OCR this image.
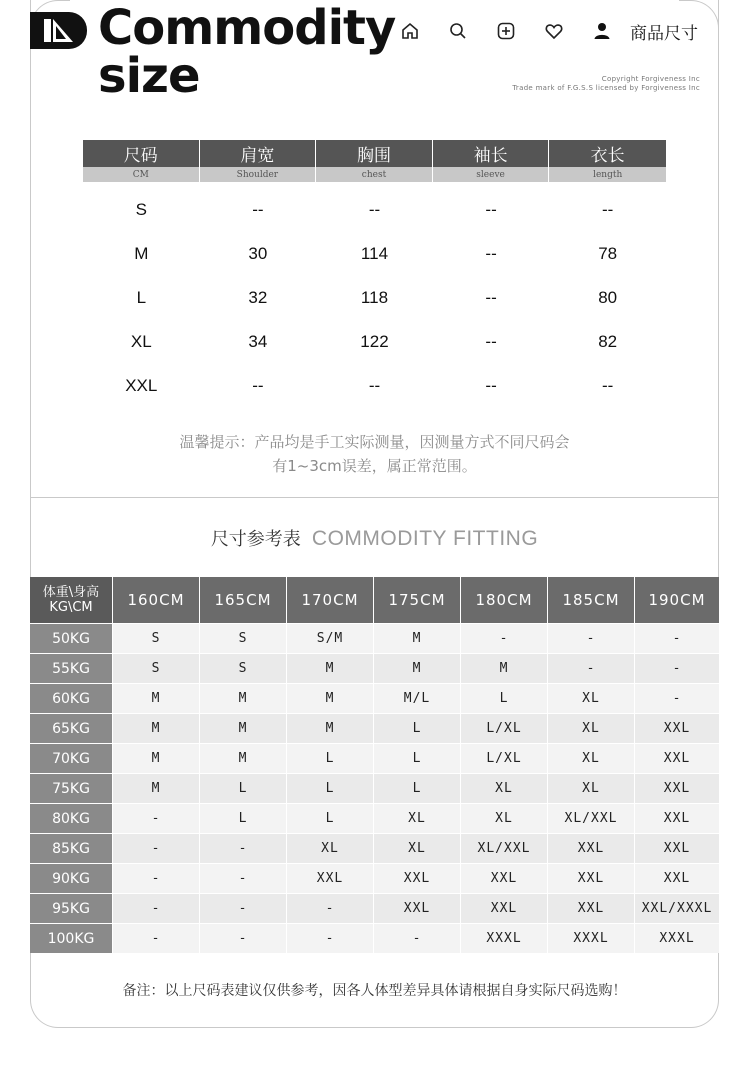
Commodity
size
商品尺寸
Copyright Forgiveness Inc
Trade mark of F.G.S.S licensed by Forgiveness Inc
尺码	肩宽	胸围	袖长	衣长
CM	Shoulder	chest	sleeve	length
S	--	--	--	--
M	30	114	--	78
L	32	118	--	80
XL	34	122	--	82
XXL	--	--	--	--
温馨提示：产品均是手工实际测量，因测量方式不同尺码会
有1~3cm误差，属正常范围。
尺寸参考表 COMMODITY FITTING
体重\身高
KG\CM	160CM	165CM	170CM	175CM	180CM	185CM	190CM
50KG	S	S	S/M	M	-	-	-
55KG	S	S	M	M	M	-	-
60KG	M	M	M	M/L	L	XL	-
65KG	M	M	M	L	L/XL	XL	XXL
70KG	M	M	L	L	L/XL	XL	XXL
75KG	M	L	L	L	XL	XL	XXL
80KG	-	L	L	XL	XL	XL/XXL	XXL
85KG	-	-	XL	XL	XL/XXL	XXL	XXL
90KG	-	-	XXL	XXL	XXL	XXL	XXL
95KG	-	-	-	XXL	XXL	XXL	XXL/XXXL
100KG	-	-	-	-	XXXL	XXXL	XXXL
备注：以上尺码表建议仅供参考，因各人体型差异具体请根据自身实际尺码选购！
